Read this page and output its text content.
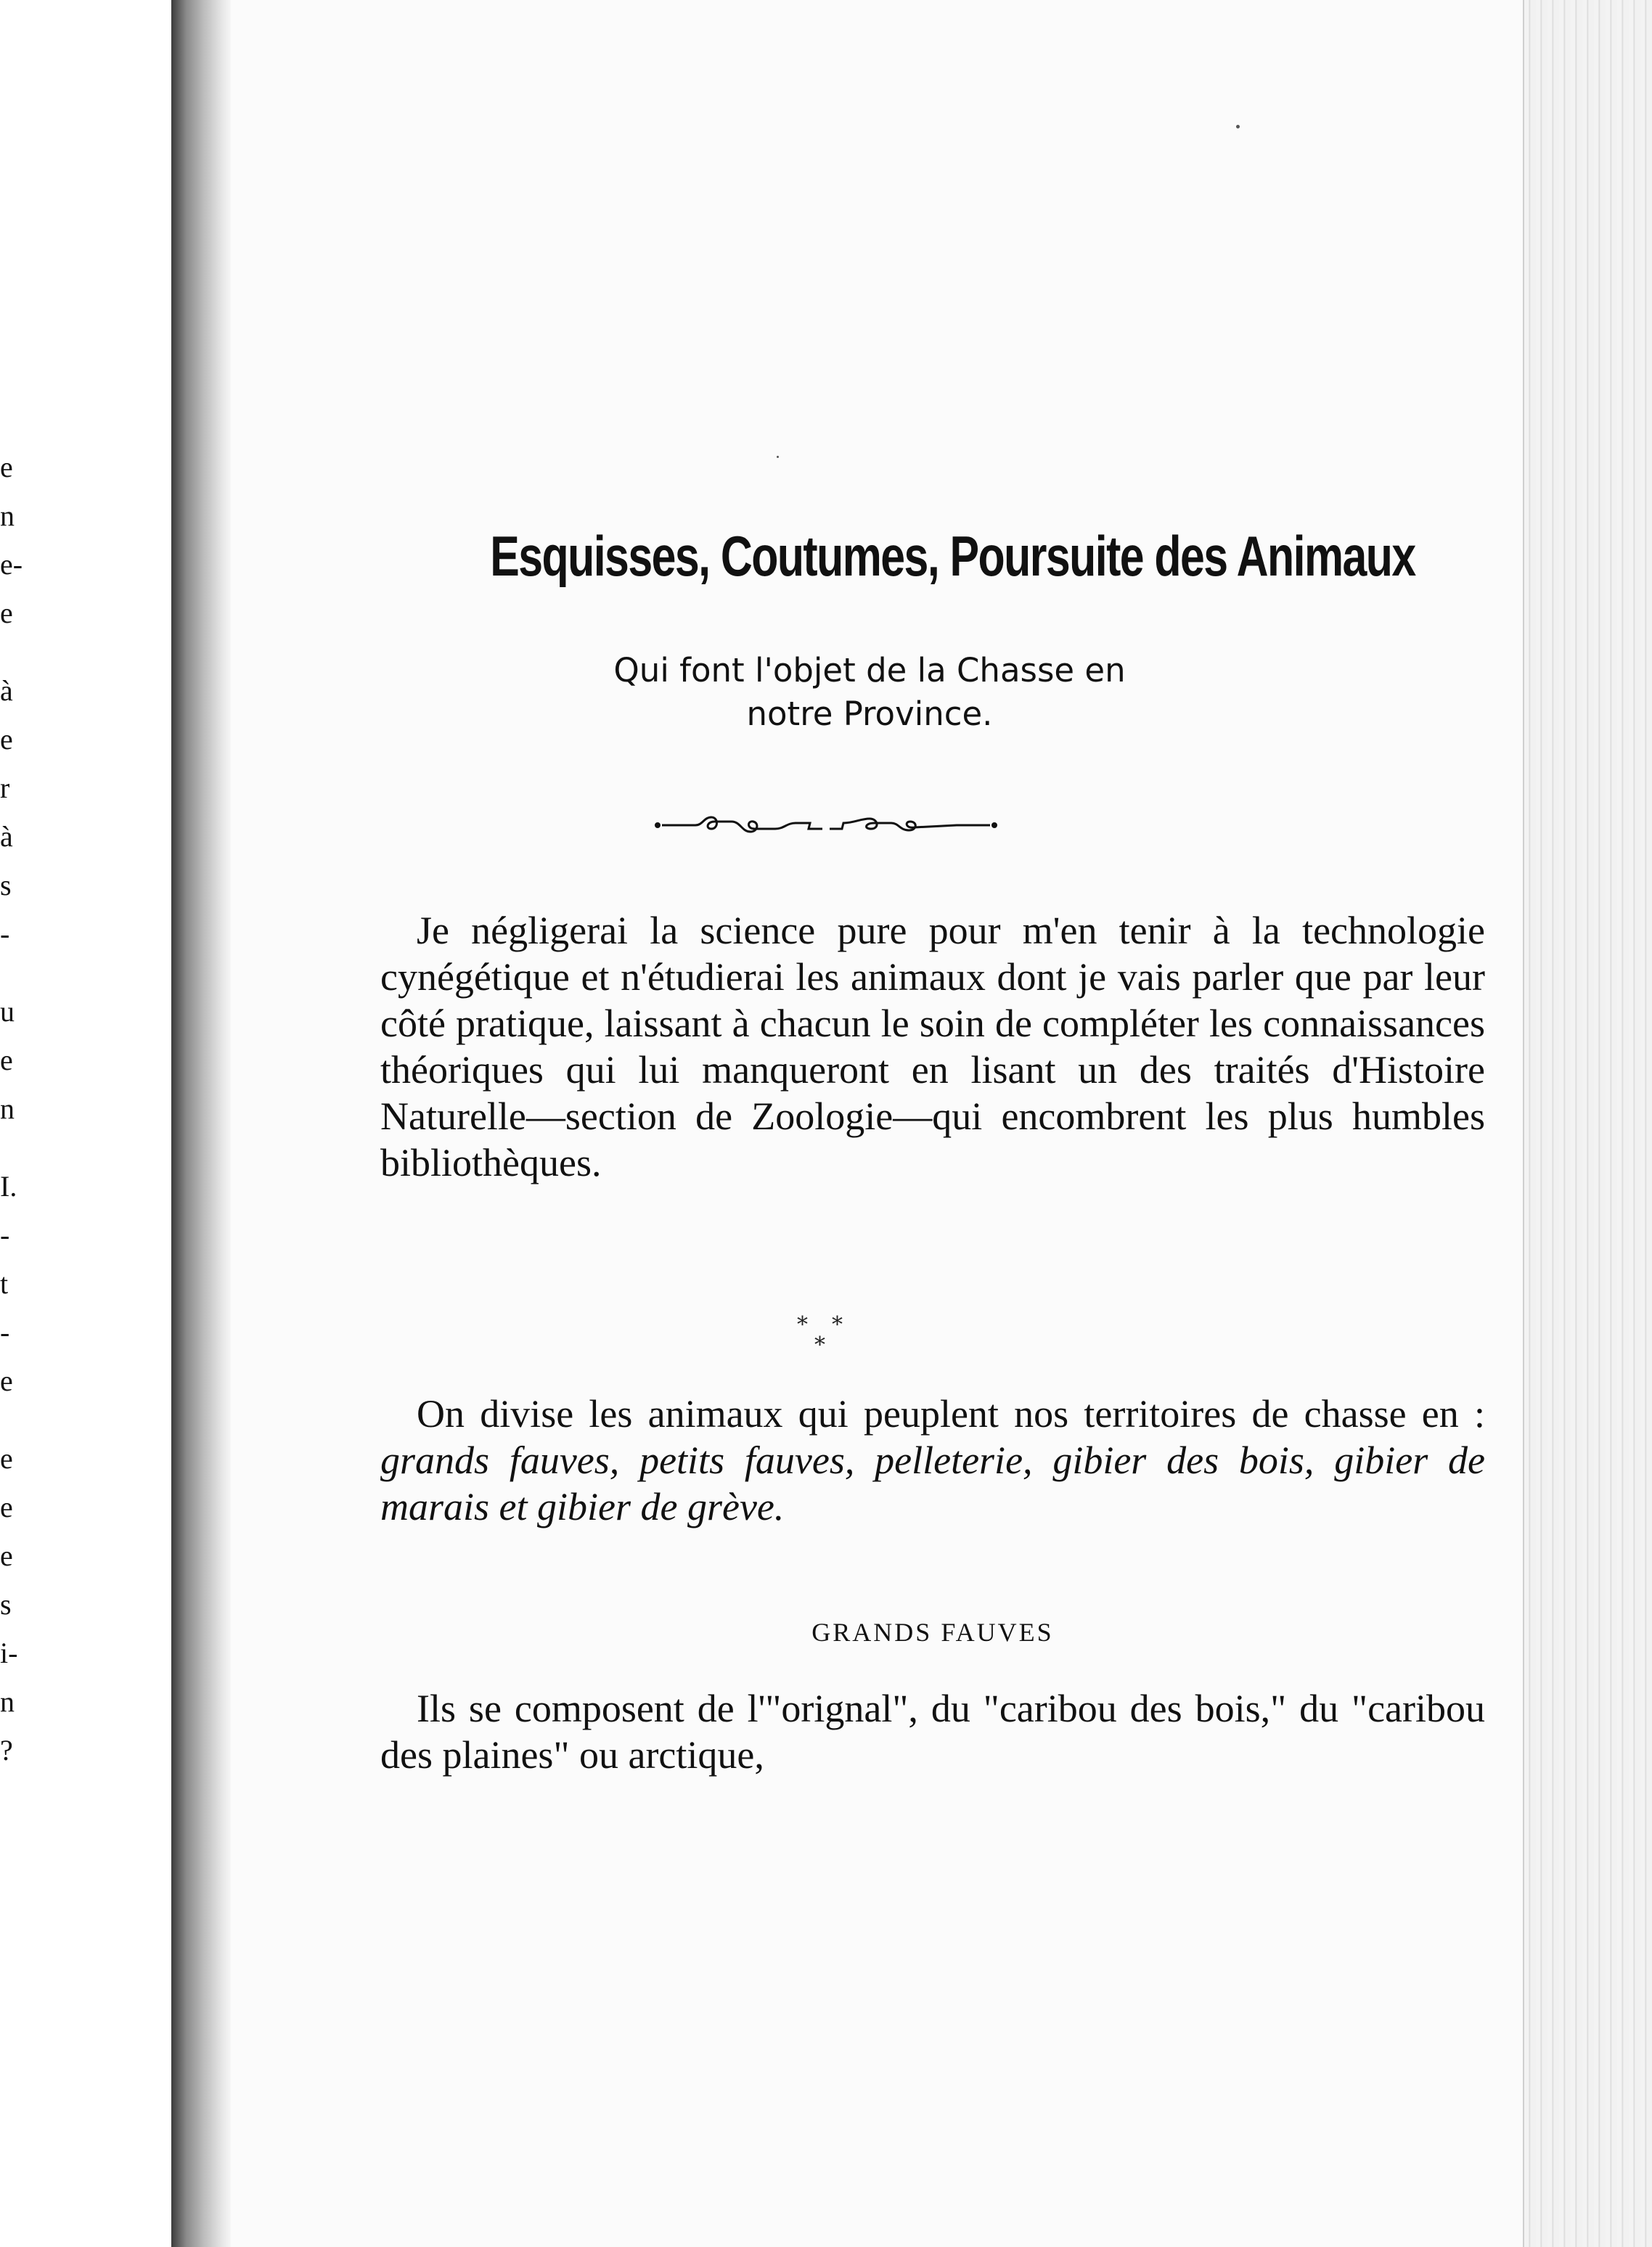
e
n
e-
e
à
e
r
à
s
-
u
e
n
I.
-
t
-
e
e
e
e
s
i-
n
?
Esquisses, Coutumes, Poursuite des Animaux
Qui font l'objet de la Chasse en
notre Province.
Je négligerai la science pure pour m'en tenir à la technologie cynégétique et n'étudierai les animaux dont je vais parler que par leur côté pratique, laissant à chacun le soin de compléter les connaissances théoriques qui lui manqueront en lisant un des traités d'Histoire Naturelle—section de Zoologie—qui encombrent les plus humbles bibliothèques.
* *
*
On divise les animaux qui peuplent nos territoires de chasse en : grands fauves, petits fauves, pelleterie, gibier des bois, gibier de marais et gibier de grève.
GRANDS FAUVES
Ils se composent de l'"orignal", du "caribou des bois," du "caribou des plaines" ou arctique,
